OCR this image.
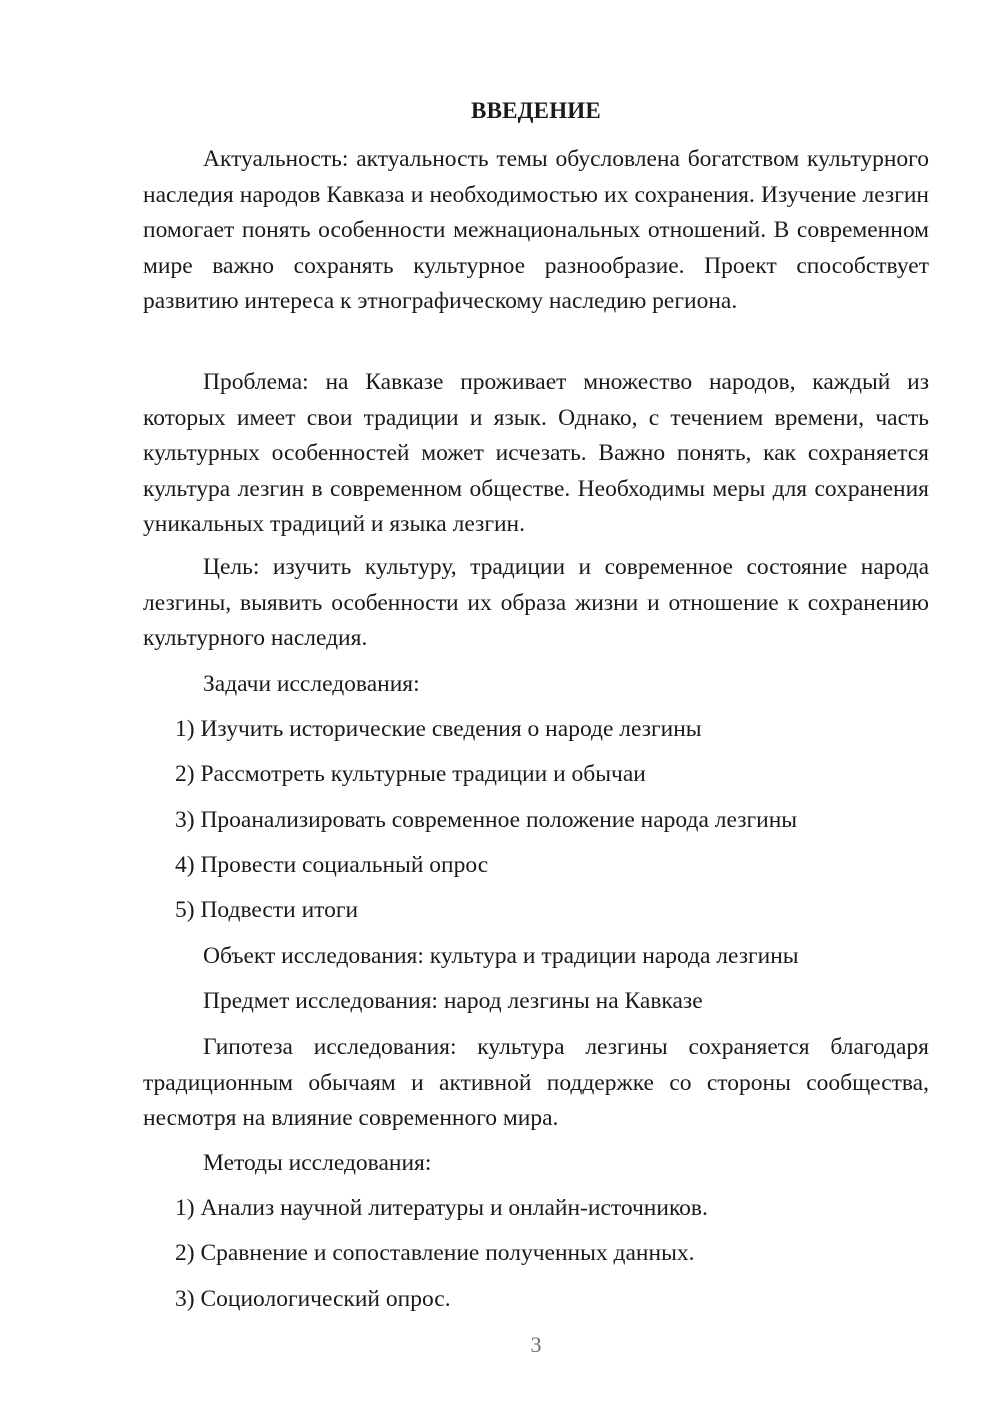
ВВЕДЕНИЕ

Актуальность: актуальность темы обусловлена богатством культурного наследия народов Кавказа и необходимостью их сохранения. Изучение лезгин помогает понять особенности межнациональных отношений. В современном мире важно сохранять культурное разнообразие. Проект способствует развитию интереса к этнографическому наследию региона.

Проблема: на Кавказе проживает множество народов, каждый из которых имеет свои традиции и язык. Однако, с течением времени, часть культурных особенностей может исчезать. Важно понять, как сохраняется культура лезгин в современном обществе. Необходимы меры для сохранения уникальных традиций и языка лезгин.

Цель: изучить культуру, традиции и современное состояние народа лезгины, выявить особенности их образа жизни и отношение к сохранению культурного наследия.

Задачи исследования:

1) Изучить исторические сведения о народе лезгины

2) Рассмотреть культурные традиции и обычаи

3) Проанализировать современное положение народа лезгины

4) Провести социальный опрос

5) Подвести итоги

Объект исследования: культура и традиции народа лезгины

Предмет исследования: народ лезгины на Кавказе

Гипотеза исследования: культура лезгины сохраняется благодаря традиционным обычаям и активной поддержке со стороны сообщества, несмотря на влияние современного мира.

Методы исследования:

1) Анализ научной литературы и онлайн-источников.

2) Сравнение и сопоставление полученных данных.

3) Социологический опрос.

3
